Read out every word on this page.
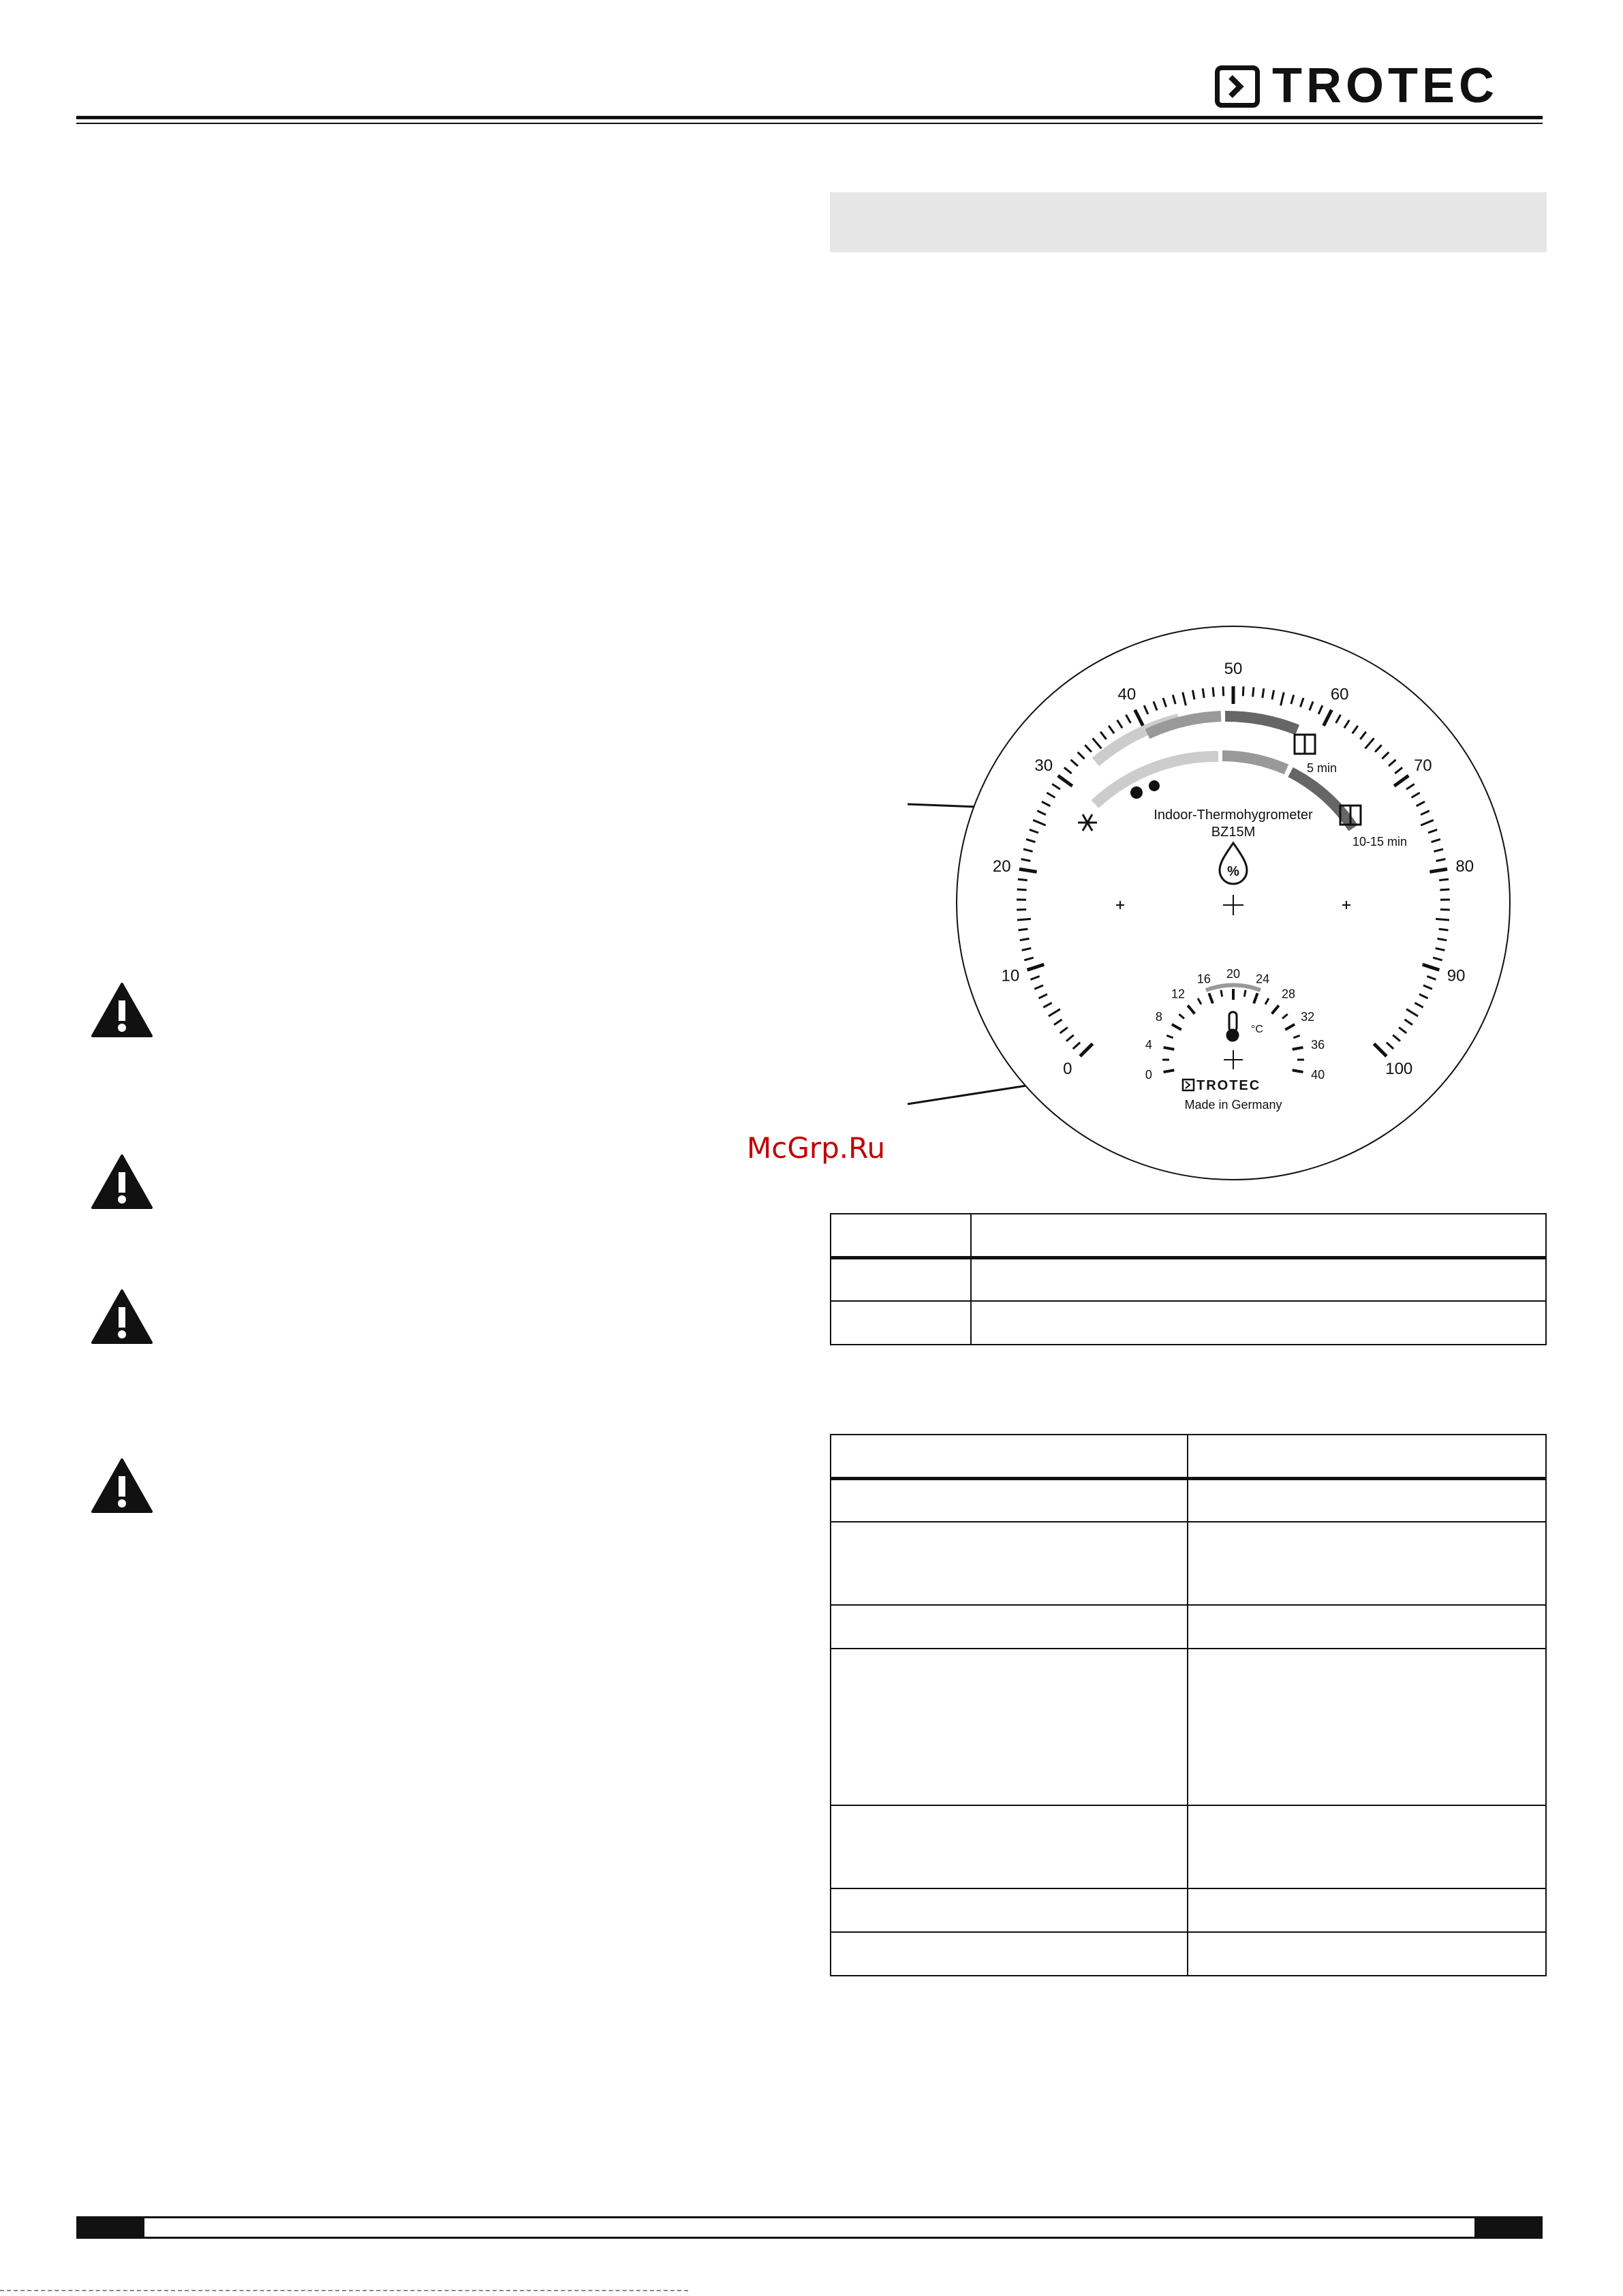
TROTEC
0
10
20
30
40
50
60
70
80
90
100
5 min
10-15 min
Indoor-Thermohygrometer
BZ15M
%
0
4
8
12
16 20 24
28
32
36
40
°C
TROTEC
Made in Germany
McGrp.Ru
